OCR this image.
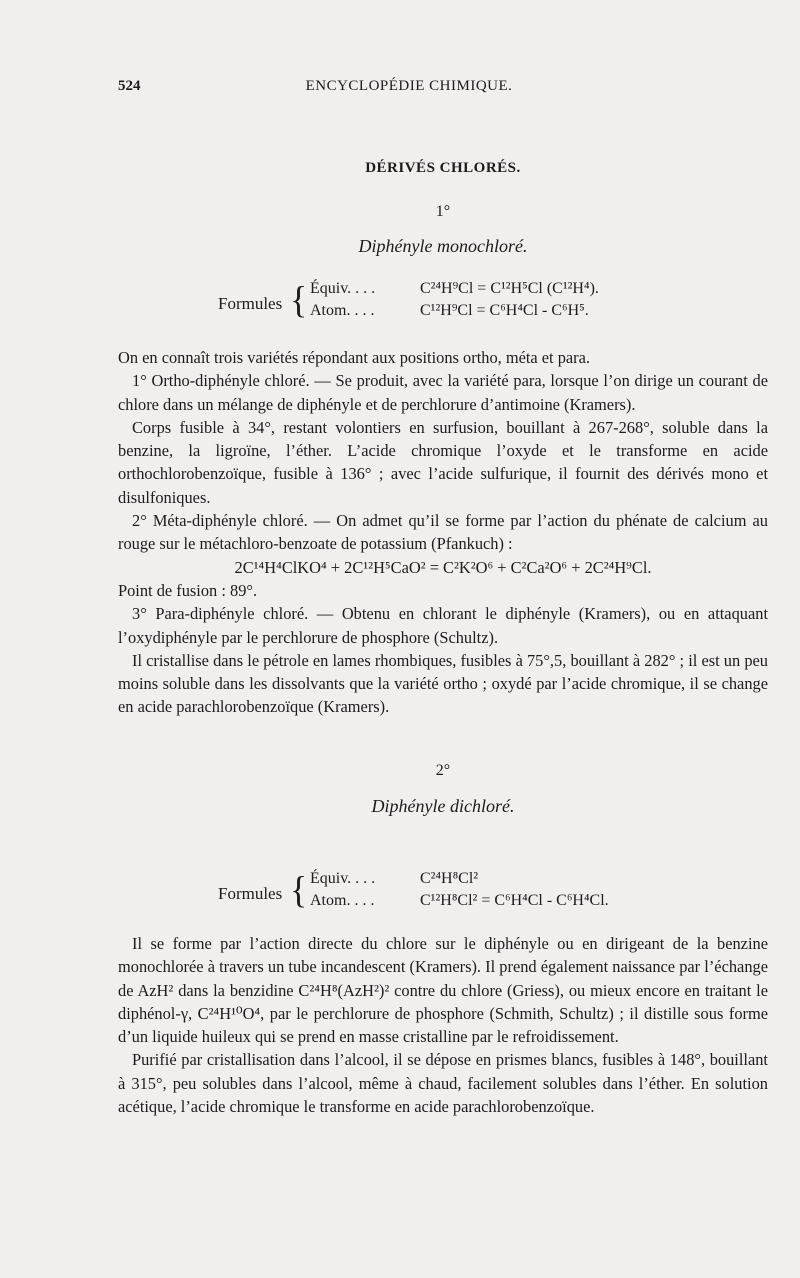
524	ENCYCLOPÉDIE CHIMIQUE.
DÉRIVÉS CHLORÉS.
1°
Diphényle monochloré.
Formules { Équiv. . . .	C²⁴H⁹Cl = C¹²H⁵Cl (C¹²H⁴).
Atom. . . .	C¹²H⁹Cl = C⁶H⁴Cl - C⁶H⁵.

On en connaît trois variétés répondant aux positions ortho, méta et para.

1° Ortho-diphényle chloré. — Se produit, avec la variété para, lorsque l’on dirige un courant de chlore dans un mélange de diphényle et de perchlorure d’antimoine (Kramers).

Corps fusible à 34°, restant volontiers en surfusion, bouillant à 267-268°, soluble dans la benzine, la ligroïne, l’éther. L’acide chromique l’oxyde et le transforme en acide orthochlorobenzoïque, fusible à 136° ; avec l’acide sulfurique, il fournit des dérivés mono et disulfoniques.

2° Méta-diphényle chloré. — On admet qu’il se forme par l’action du phénate de calcium au rouge sur le métachloro-benzoate de potassium (Pfankuch) :

2C¹⁴H⁴ClKO⁴ + 2C¹²H⁵CaO² = C²K²O⁶ + C²Ca²O⁶ + 2C²⁴H⁹Cl.

Point de fusion : 89°.

3° Para-diphényle chloré. — Obtenu en chlorant le diphényle (Kramers), ou en attaquant l’oxydiphényle par le perchlorure de phosphore (Schultz).

Il cristallise dans le pétrole en lames rhombiques, fusibles à 75°,5, bouillant à 282° ; il est un peu moins soluble dans les dissolvants que la variété ortho ; oxydé par l’acide chromique, il se change en acide parachlorobenzoïque (Kramers).

2°
Diphényle dichloré.
Formules { Équiv. . . .	C²⁴H⁸Cl²
Atom. . . .	C¹²H⁸Cl² = C⁶H⁴Cl - C⁶H⁴Cl.

Il se forme par l’action directe du chlore sur le diphényle ou en dirigeant de la benzine monochlorée à travers un tube incandescent (Kramers). Il prend également naissance par l’échange de AzH² dans la benzidine C²⁴H⁸(AzH²)² contre du chlore (Griess), ou mieux encore en traitant le diphénol-γ, C²⁴H¹⁰O⁴, par le perchlorure de phosphore (Schmith, Schultz) ; il distille sous forme d’un liquide huileux qui se prend en masse cristalline par le refroidissement.

Purifié par cristallisation dans l’alcool, il se dépose en prismes blancs, fusibles à 148°, bouillant à 315°, peu solubles dans l’alcool, même à chaud, facilement solubles dans l’éther. En solution acétique, l’acide chromique le transforme en acide parachlorobenzoïque.
